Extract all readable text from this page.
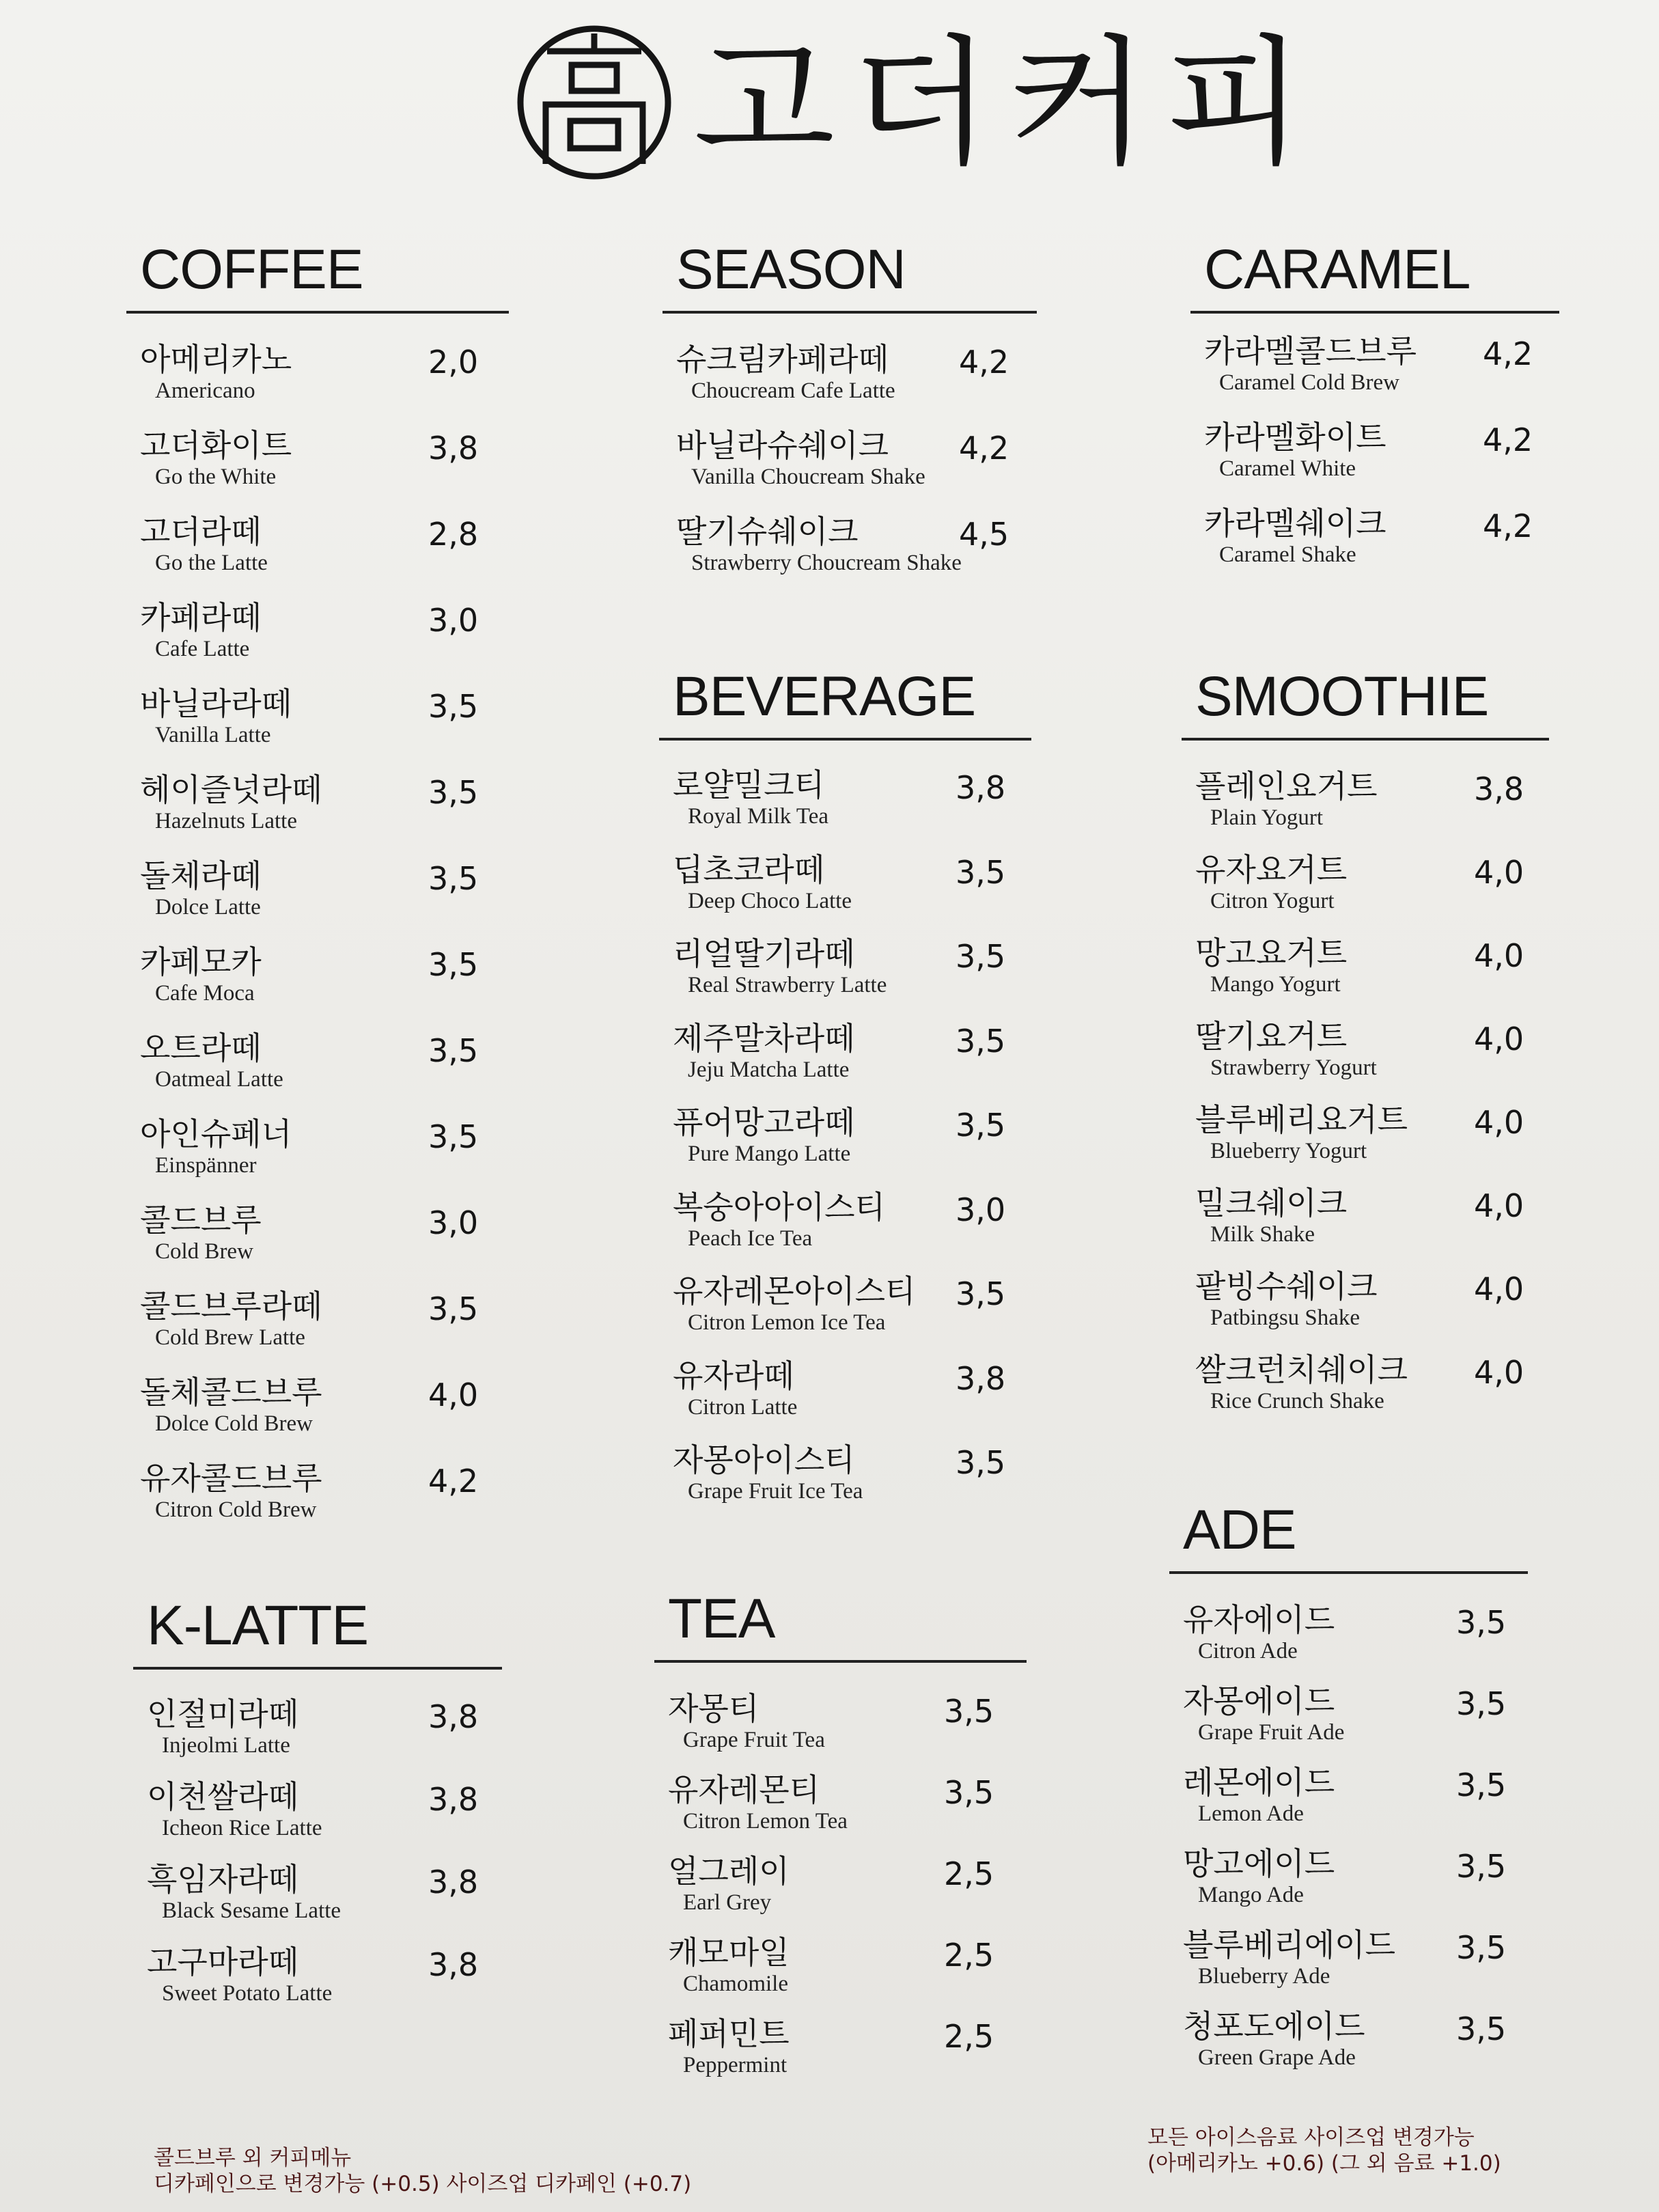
고더커피
COFFEE
아메리카노
Americano
2,0
고더화이트
Go the White
3,8
고더라떼
Go the Latte
2,8
카페라떼
Cafe Latte
3,0
바닐라라떼
Vanilla Latte
3,5
헤이즐넛라떼
Hazelnuts Latte
3,5
돌체라떼
Dolce Latte
3,5
카페모카
Cafe Moca
3,5
오트라떼
Oatmeal Latte
3,5
아인슈페너
Einspänner
3,5
콜드브루
Cold Brew
3,0
콜드브루라떼
Cold Brew Latte
3,5
돌체콜드브루
Dolce Cold Brew
4,0
유자콜드브루
Citron Cold Brew
4,2
K-LATTE
인절미라떼
Injeolmi Latte
3,8
이천쌀라떼
Icheon Rice Latte
3,8
흑임자라떼
Black Sesame Latte
3,8
고구마라떼
Sweet Potato Latte
3,8
SEASON
슈크림카페라떼
Choucream Cafe Latte
4,2
바닐라슈쉐이크
Vanilla Choucream Shake
4,2
딸기슈쉐이크
Strawberry Choucream Shake
4,5
BEVERAGE
로얄밀크티
Royal Milk Tea
3,8
딥초코라떼
Deep Choco Latte
3,5
리얼딸기라떼
Real Strawberry Latte
3,5
제주말차라떼
Jeju Matcha Latte
3,5
퓨어망고라떼
Pure Mango Latte
3,5
복숭아아이스티
Peach Ice Tea
3,0
유자레몬아이스티
Citron Lemon Ice Tea
3,5
유자라떼
Citron Latte
3,8
자몽아이스티
Grape Fruit Ice Tea
3,5
TEA
자몽티
Grape Fruit Tea
3,5
유자레몬티
Citron Lemon Tea
3,5
얼그레이
Earl Grey
2,5
캐모마일
Chamomile
2,5
페퍼민트
Peppermint
2,5
CARAMEL
카라멜콜드브루
Caramel Cold Brew
4,2
카라멜화이트
Caramel White
4,2
카라멜쉐이크
Caramel Shake
4,2
SMOOTHIE
플레인요거트
Plain Yogurt
3,8
유자요거트
Citron Yogurt
4,0
망고요거트
Mango Yogurt
4,0
딸기요거트
Strawberry Yogurt
4,0
블루베리요거트
Blueberry Yogurt
4,0
밀크쉐이크
Milk Shake
4,0
팥빙수쉐이크
Patbingsu Shake
4,0
쌀크런치쉐이크
Rice Crunch Shake
4,0
ADE
유자에이드
Citron Ade
3,5
자몽에이드
Grape Fruit Ade
3,5
레몬에이드
Lemon Ade
3,5
망고에이드
Mango Ade
3,5
블루베리에이드
Blueberry Ade
3,5
청포도에이드
Green Grape Ade
3,5
콜드브루 외 커피메뉴
디카페인으로 변경가능 (+0.5) 사이즈업 디카페인 (+0.7)
모든 아이스음료 사이즈업 변경가능
(아메리카노 +0.6) (그 외 음료 +1.0)
